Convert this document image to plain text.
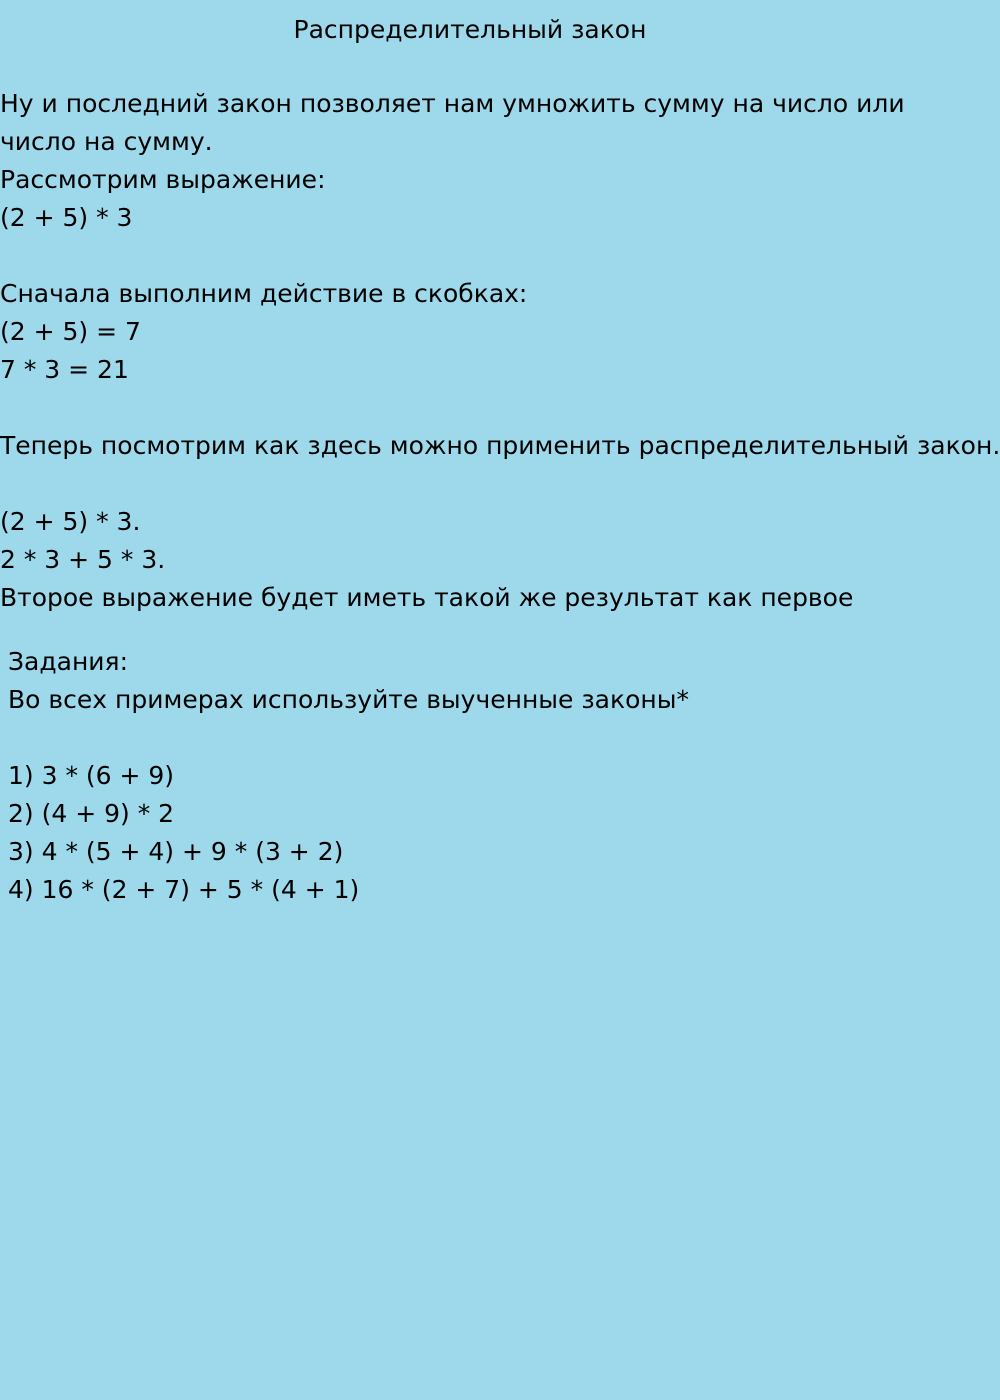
Распределительный закон
Ну и последний закон позволяет нам умножить сумму на число или число на сумму.
Рассмотрим выражение:
(2 + 5) * 3
Сначала выполним действие в скобках:
(2 + 5) = 7
7 * 3 = 21
Теперь посмотрим как здесь можно применить распределительный закон.
(2 + 5) * 3.
2 * 3 + 5 * 3.
Второе выражение будет иметь такой же результат как первое
Задания:
Во всех примерах используйте выученные законы*
1) 3 * (6 + 9)
2) (4 + 9) * 2
3) 4 * (5 + 4) + 9 * (3 + 2)
4) 16 * (2 + 7) + 5 * (4 + 1)
